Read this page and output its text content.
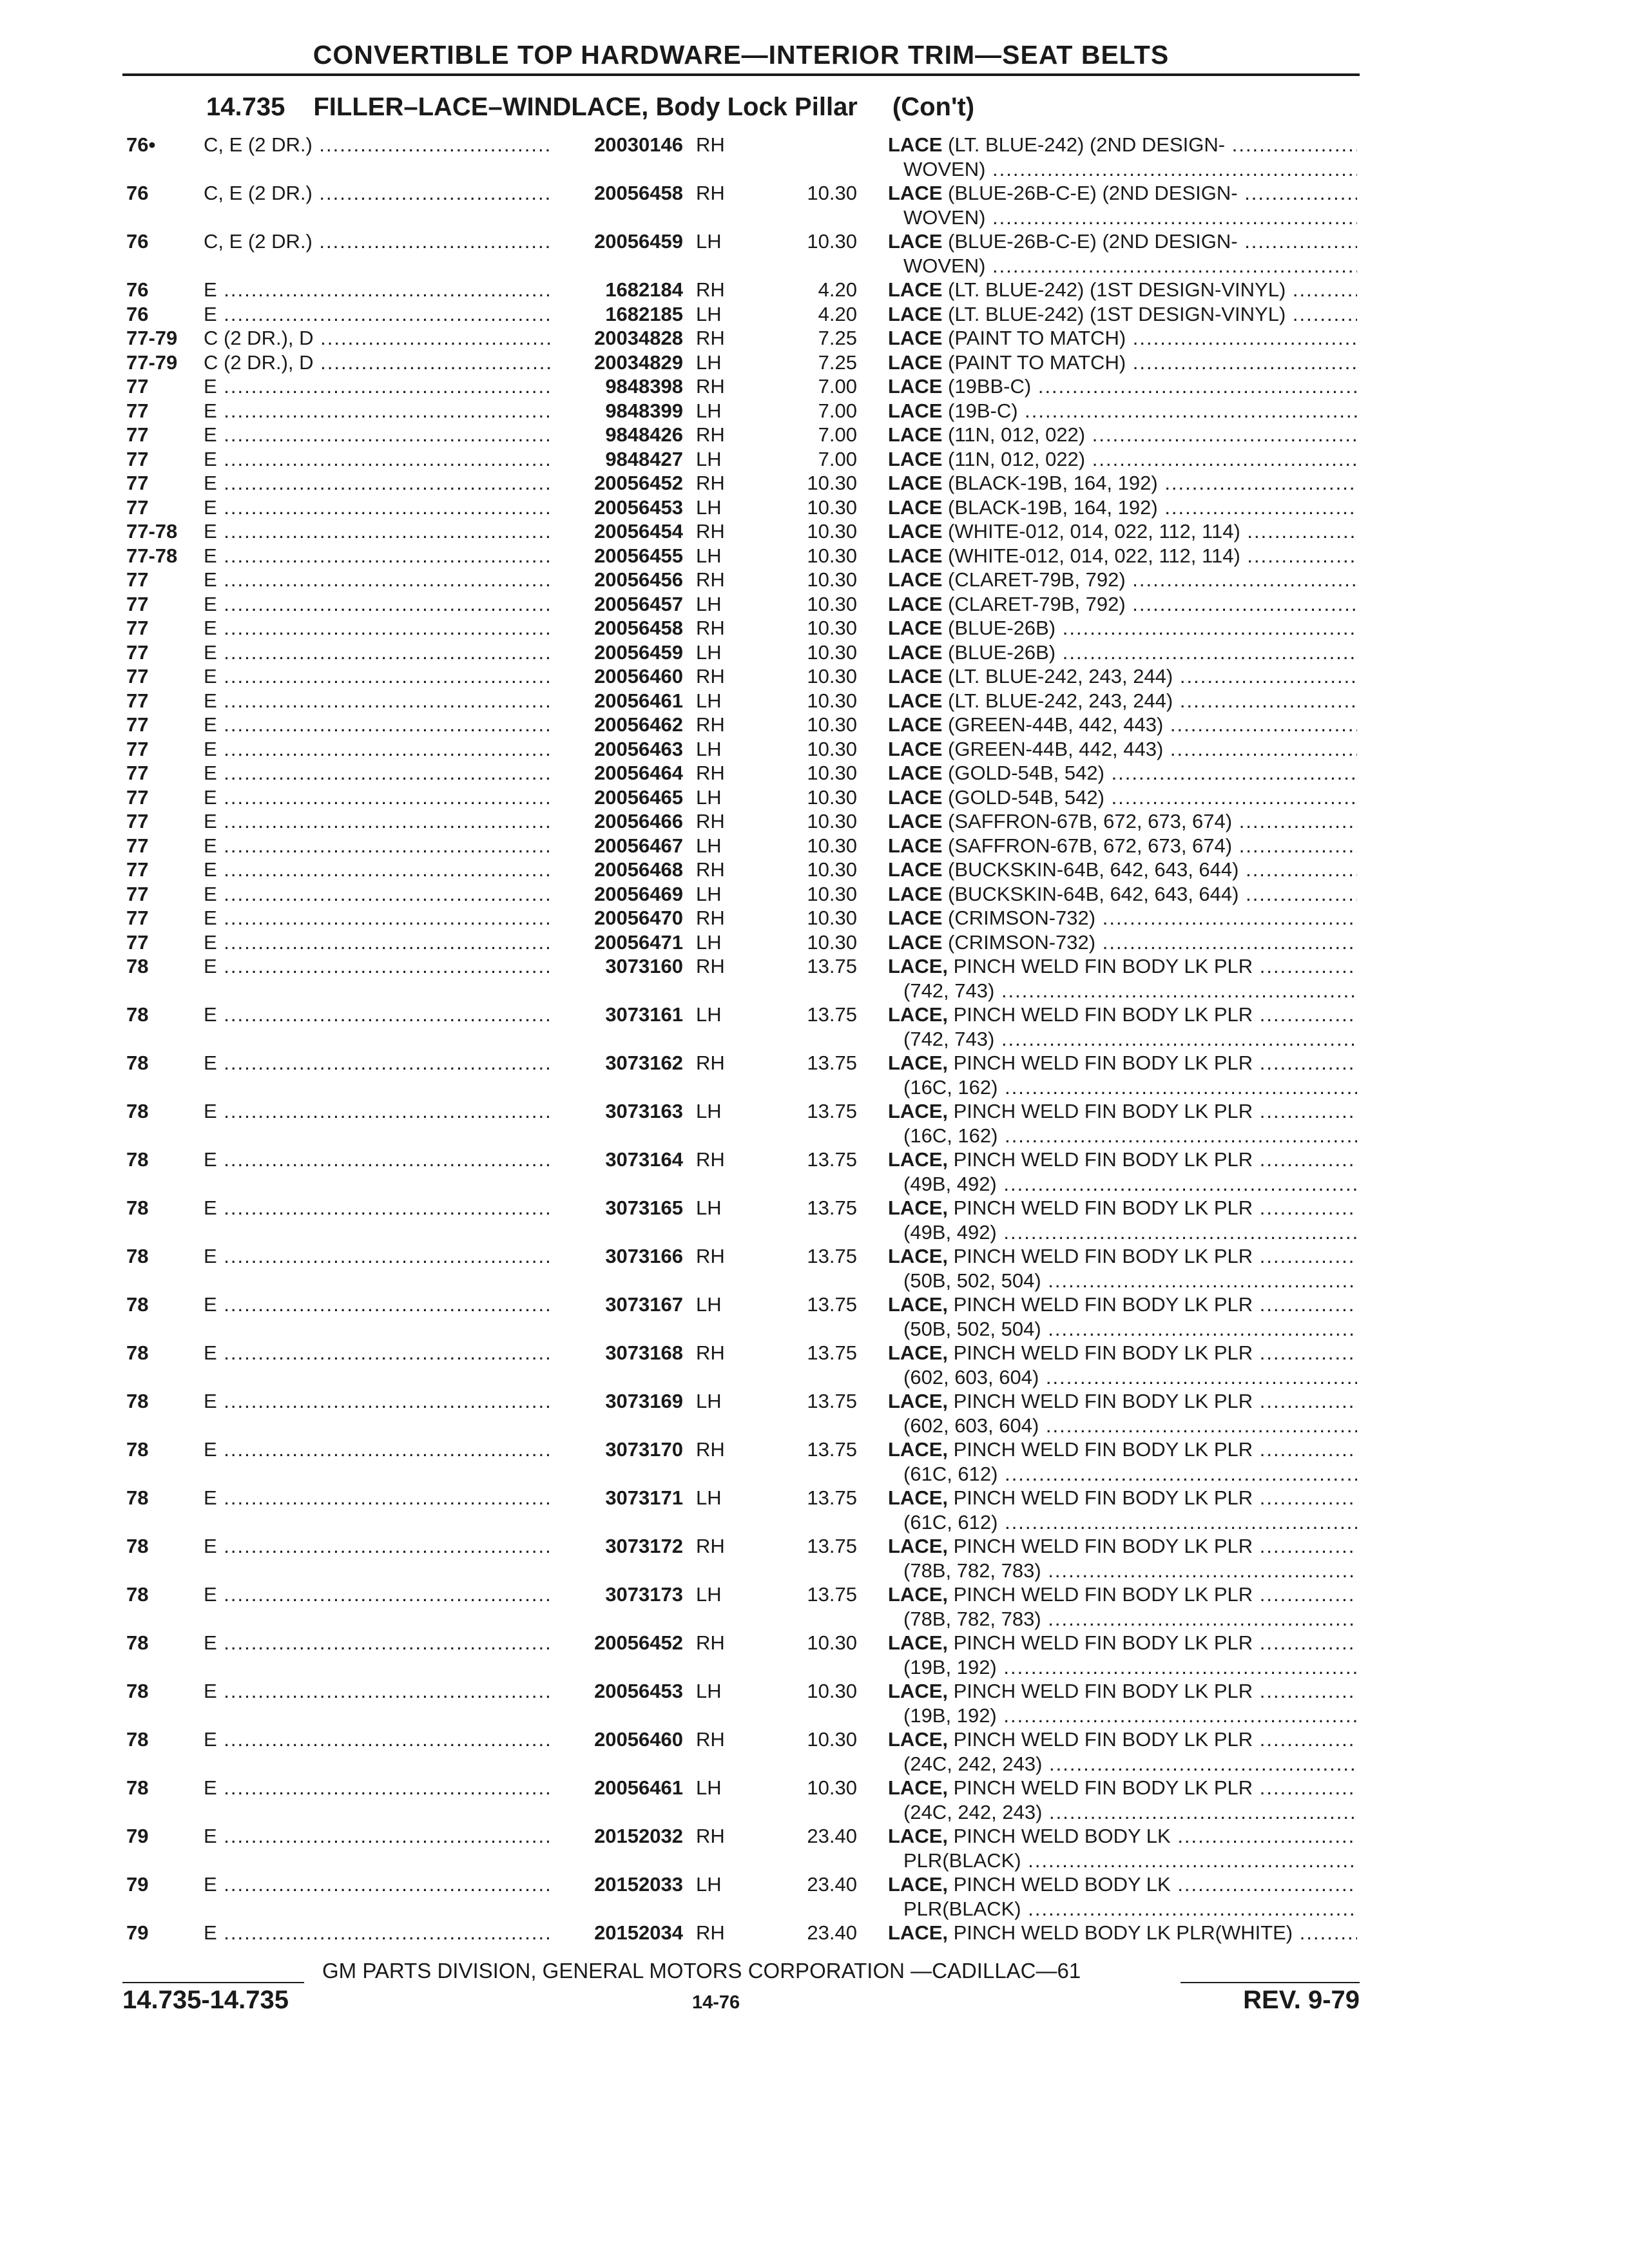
CONVERTIBLE TOP HARDWARE—INTERIOR TRIM—SEAT BELTS
14.735 FILLER–LACE–WINDLACE, Body Lock Pillar (Con't)
76• C, E (2 DR.) .....	20030146 RH	LACE (LT. BLUE-242) (2ND DESIGN- .....
WOVEN) .....
76	C, E (2 DR.) .....	20056458 RH	10.30 LACE (BLUE-26B-C-E) (2ND DESIGN- .....
WOVEN) .....
76	C, E (2 DR.) .....	20056459 LH	10.30 LACE (BLUE-26B-C-E) (2ND DESIGN- .....
WOVEN) .....
76	E .....	1682184 RH	4.20 LACE (LT. BLUE-242) (1ST DESIGN-VINYL) .....
76	E .....	1682185 LH	4.20 LACE (LT. BLUE-242) (1ST DESIGN-VINYL) .....
77-79 C (2 DR.), D .....	20034828 RH	7.25 LACE (PAINT TO MATCH) .....
77-79 C (2 DR.), D .....	20034829 LH	7.25 LACE (PAINT TO MATCH) .....
77	E .....	9848398 RH	7.00 LACE (19BB-C) .....
77	E .....	9848399 LH	7.00 LACE (19B-C) .....
77	E .....	9848426 RH	7.00 LACE (11N, 012, 022) .....
77	E .....	9848427 LH	7.00 LACE (11N, 012, 022) .....
77	E .....	20056452 RH	10.30 LACE (BLACK-19B, 164, 192) .....
77	E .....	20056453 LH	10.30 LACE (BLACK-19B, 164, 192) .....
77-78 E .....	20056454 RH	10.30 LACE (WHITE-012, 014, 022, 112, 114) .....
77-78 E .....	20056455 LH	10.30 LACE (WHITE-012, 014, 022, 112, 114) .....
77	E .....	20056456 RH	10.30 LACE (CLARET-79B, 792) .....
77	E .....	20056457 LH	10.30 LACE (CLARET-79B, 792) .....
77	E .....	20056458 RH	10.30 LACE (BLUE-26B) .....
77	E .....	20056459 LH	10.30 LACE (BLUE-26B) .....
77	E .....	20056460 RH	10.30 LACE (LT. BLUE-242, 243, 244) .....
77	E .....	20056461 LH	10.30 LACE (LT. BLUE-242, 243, 244) .....
77	E .....	20056462 RH	10.30 LACE (GREEN-44B, 442, 443) .....
77	E .....	20056463 LH	10.30 LACE (GREEN-44B, 442, 443) .....
77	E .....	20056464 RH	10.30 LACE (GOLD-54B, 542) .....
77	E .....	20056465 LH	10.30 LACE (GOLD-54B, 542) .....
77	E .....	20056466 RH	10.30 LACE (SAFFRON-67B, 672, 673, 674) .....
77	E .....	20056467 LH	10.30 LACE (SAFFRON-67B, 672, 673, 674) .....
77	E .....	20056468 RH	10.30 LACE (BUCKSKIN-64B, 642, 643, 644) .....
77	E .....	20056469 LH	10.30 LACE (BUCKSKIN-64B, 642, 643, 644) .....
77	E .....	20056470 RH	10.30 LACE (CRIMSON-732) .....
77	E .....	20056471 LH	10.30 LACE (CRIMSON-732) .....
78	E .....	3073160 RH	13.75 LACE, PINCH WELD FIN BODY LK PLR .....
(742, 743) .....
78	E .....	3073161 LH	13.75 LACE, PINCH WELD FIN BODY LK PLR .....
(742, 743) .....
78	E .....	3073162 RH	13.75 LACE, PINCH WELD FIN BODY LK PLR .....
(16C, 162) .....
78	E .....	3073163 LH	13.75 LACE, PINCH WELD FIN BODY LK PLR .....
(16C, 162) .....
78	E .....	3073164 RH	13.75 LACE, PINCH WELD FIN BODY LK PLR .....
(49B, 492) .....
78	E .....	3073165 LH	13.75 LACE, PINCH WELD FIN BODY LK PLR .....
(49B, 492) .....
78	E .....	3073166 RH	13.75 LACE, PINCH WELD FIN BODY LK PLR .....
(50B, 502, 504) .....
78	E .....	3073167 LH	13.75 LACE, PINCH WELD FIN BODY LK PLR .....
(50B, 502, 504) .....
78	E .....	3073168 RH	13.75 LACE, PINCH WELD FIN BODY LK PLR .....
(602, 603, 604) .....
78	E .....	3073169 LH	13.75 LACE, PINCH WELD FIN BODY LK PLR .....
(602, 603, 604) .....
78	E .....	3073170 RH	13.75 LACE, PINCH WELD FIN BODY LK PLR .....
(61C, 612) .....
78	E .....	3073171 LH	13.75 LACE, PINCH WELD FIN BODY LK PLR .....
(61C, 612) .....
78	E .....	3073172 RH	13.75 LACE, PINCH WELD FIN BODY LK PLR .....
(78B, 782, 783) .....
78	E .....	3073173 LH	13.75 LACE, PINCH WELD FIN BODY LK PLR .....
(78B, 782, 783) .....
78	E .....	20056452 RH	10.30 LACE, PINCH WELD FIN BODY LK PLR .....
(19B, 192) .....
78	E .....	20056453 LH	10.30 LACE, PINCH WELD FIN BODY LK PLR .....
(19B, 192) .....
78	E .....	20056460 RH	10.30 LACE, PINCH WELD FIN BODY LK PLR .....
(24C, 242, 243) .....
78	E .....	20056461 LH	10.30 LACE, PINCH WELD FIN BODY LK PLR .....
(24C, 242, 243) .....
79	E .....	20152032 RH	23.40 LACE, PINCH WELD BODY LK .....
PLR(BLACK) .....
79	E .....	20152033 LH	23.40 LACE, PINCH WELD BODY LK .....
PLR(BLACK) .....
79	E .....	20152034 RH	23.40 LACE, PINCH WELD BODY LK PLR(WHITE) .....
GM PARTS DIVISION, GENERAL MOTORS CORPORATION —CADILLAC—61
14.735-14.735	14-76	REV. 9-79
